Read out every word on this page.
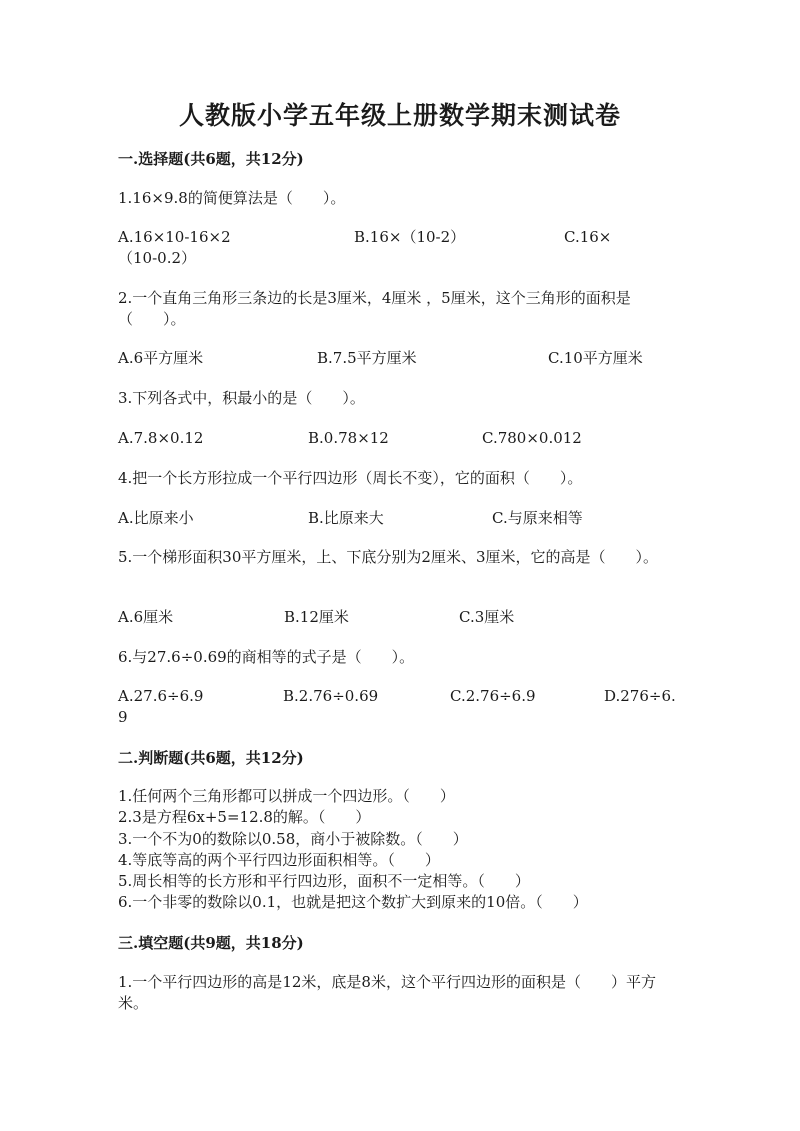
人教版小学五年级上册数学期末测试卷
一.选择题(共6题，共12分)
1.16×9.8的简便算法是（　　）。
A.16×10-16×2	B.16×（10-2）	C.16×
（10-0.2）
2.一个直角三角形三条边的长是3厘米，4厘米 ，5厘米，这个三角形的面积是（　　）。
A.6平方厘米	B.7.5平方厘米	C.10平方厘米
3.下列各式中，积最小的是（　　）。
A.7.8×0.12	B.0.78×12	C.780×0.012
4.把一个长方形拉成一个平行四边形（周长不变），它的面积（　　）。
A.比原来小	B.比原来大	C.与原来相等
5.一个梯形面积30平方厘米，上、下底分别为2厘米、3厘米，它的高是（　　）。
A.6厘米	B.12厘米	C.3厘米
6.与27.6÷0.69的商相等的式子是（　　）。
A.27.6÷6.9	B.2.76÷0.69	C.2.76÷6.9	D.276÷6.
9
二.判断题(共6题，共12分)
1.任何两个三角形都可以拼成一个四边形。（　　）
2.3是方程6x+5=12.8的解。（　　）
3.一个不为0的数除以0.58，商小于被除数。（　　）
4.等底等高的两个平行四边形面积相等。（　　）
5.周长相等的长方形和平行四边形，面积不一定相等。（　　）
6.一个非零的数除以0.1，也就是把这个数扩大到原来的10倍。（　　）
三.填空题(共9题，共18分)
1.一个平行四边形的高是12米，底是8米，这个平行四边形的面积是（　　）平方米。
